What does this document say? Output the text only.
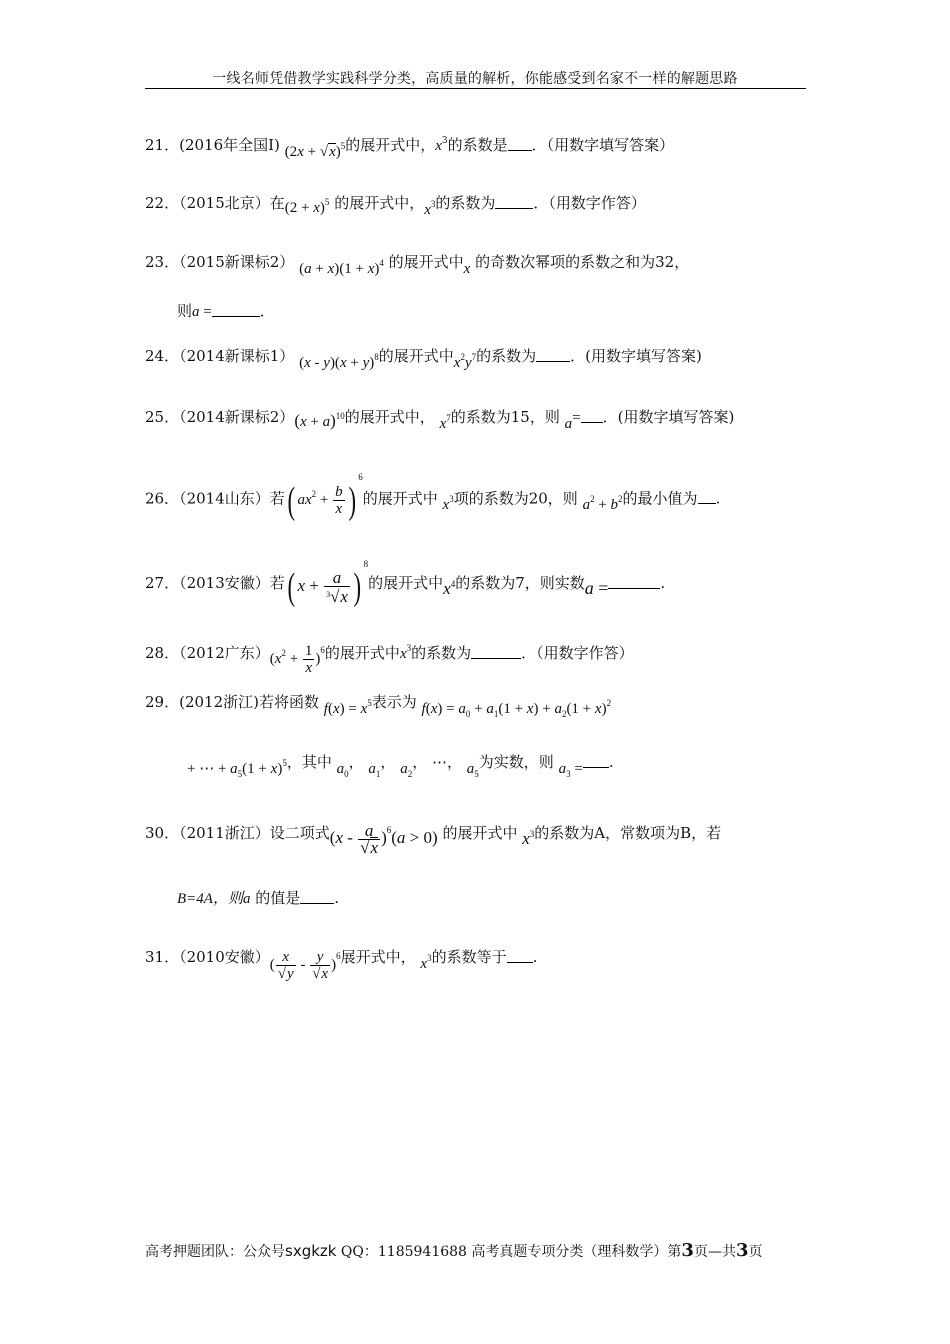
一线名师凭借教学实践科学分类，高质量的解析，你能感受到名家不一样的解题思路
21．(2016年全国I) $(2x + √x)^5$的展开式中，$x^3$的系数是 ．（用数字填写答案）
22．（2015北京）在$(2 + x)^5$ 的展开式中，$x^3$的系数为	．（用数字作答）
23．（2015新课标2） $(a + x)(1 + x)^4$ 的展开式中x 的奇数次幂项的系数之和为32，
则a =	．
24．（2014新课标1） $(x - y)(x + y)^8$的展开式中$x^2y^7$的系数为 ．(用数字填写答案)
25．（2014新课标$2)(x + a)^{10}$的展开式中， $x^7$的系数为15，则 a= ．(用数字填写答案)
26．（2014山东）若( $ax^2 + \frac{b}{x} )^6$的展开式中 $x^3$项的系数为20，则 $a^2 + b^2$的最小值为 .
27．（2013安徽）若( $x + \frac{a}{^3√x} )^8$的展开式中$x^4$的系数为7，则实数a =	.
28．（2012广东）$(x^2 + \frac{1}{x} )^6$的展开式中$x^3$的系数为	．（用数字作答）
29．(2012浙江)若将函数 $f(x) = x^5$表示为 $f(x) = a_0 + a_1(1 + x) + a_2(1 + x)^2$
+ ⋯ + $a_5(1 + x)^5$，其中 $a_0$， $a_1$， $a_2$， ⋯， $a_5$为实数，则 $a_3$ = .
30．（2011浙江）设二项式$(x - \frac{a}{√x} )^6(a > 0)$ 的展开式中 $x^3$的系数为A，常数项为B，若
B=4A，则a 的值是 .
31．（2010安徽）( $\frac{x}{√y} - \frac{y}{√x} )^6$展开式中， $x^3$的系数等于 .
高考押题团队：公众号sxgkzk QQ：1185941688 高考真题专项分类（理科数学）第3页—共3页
